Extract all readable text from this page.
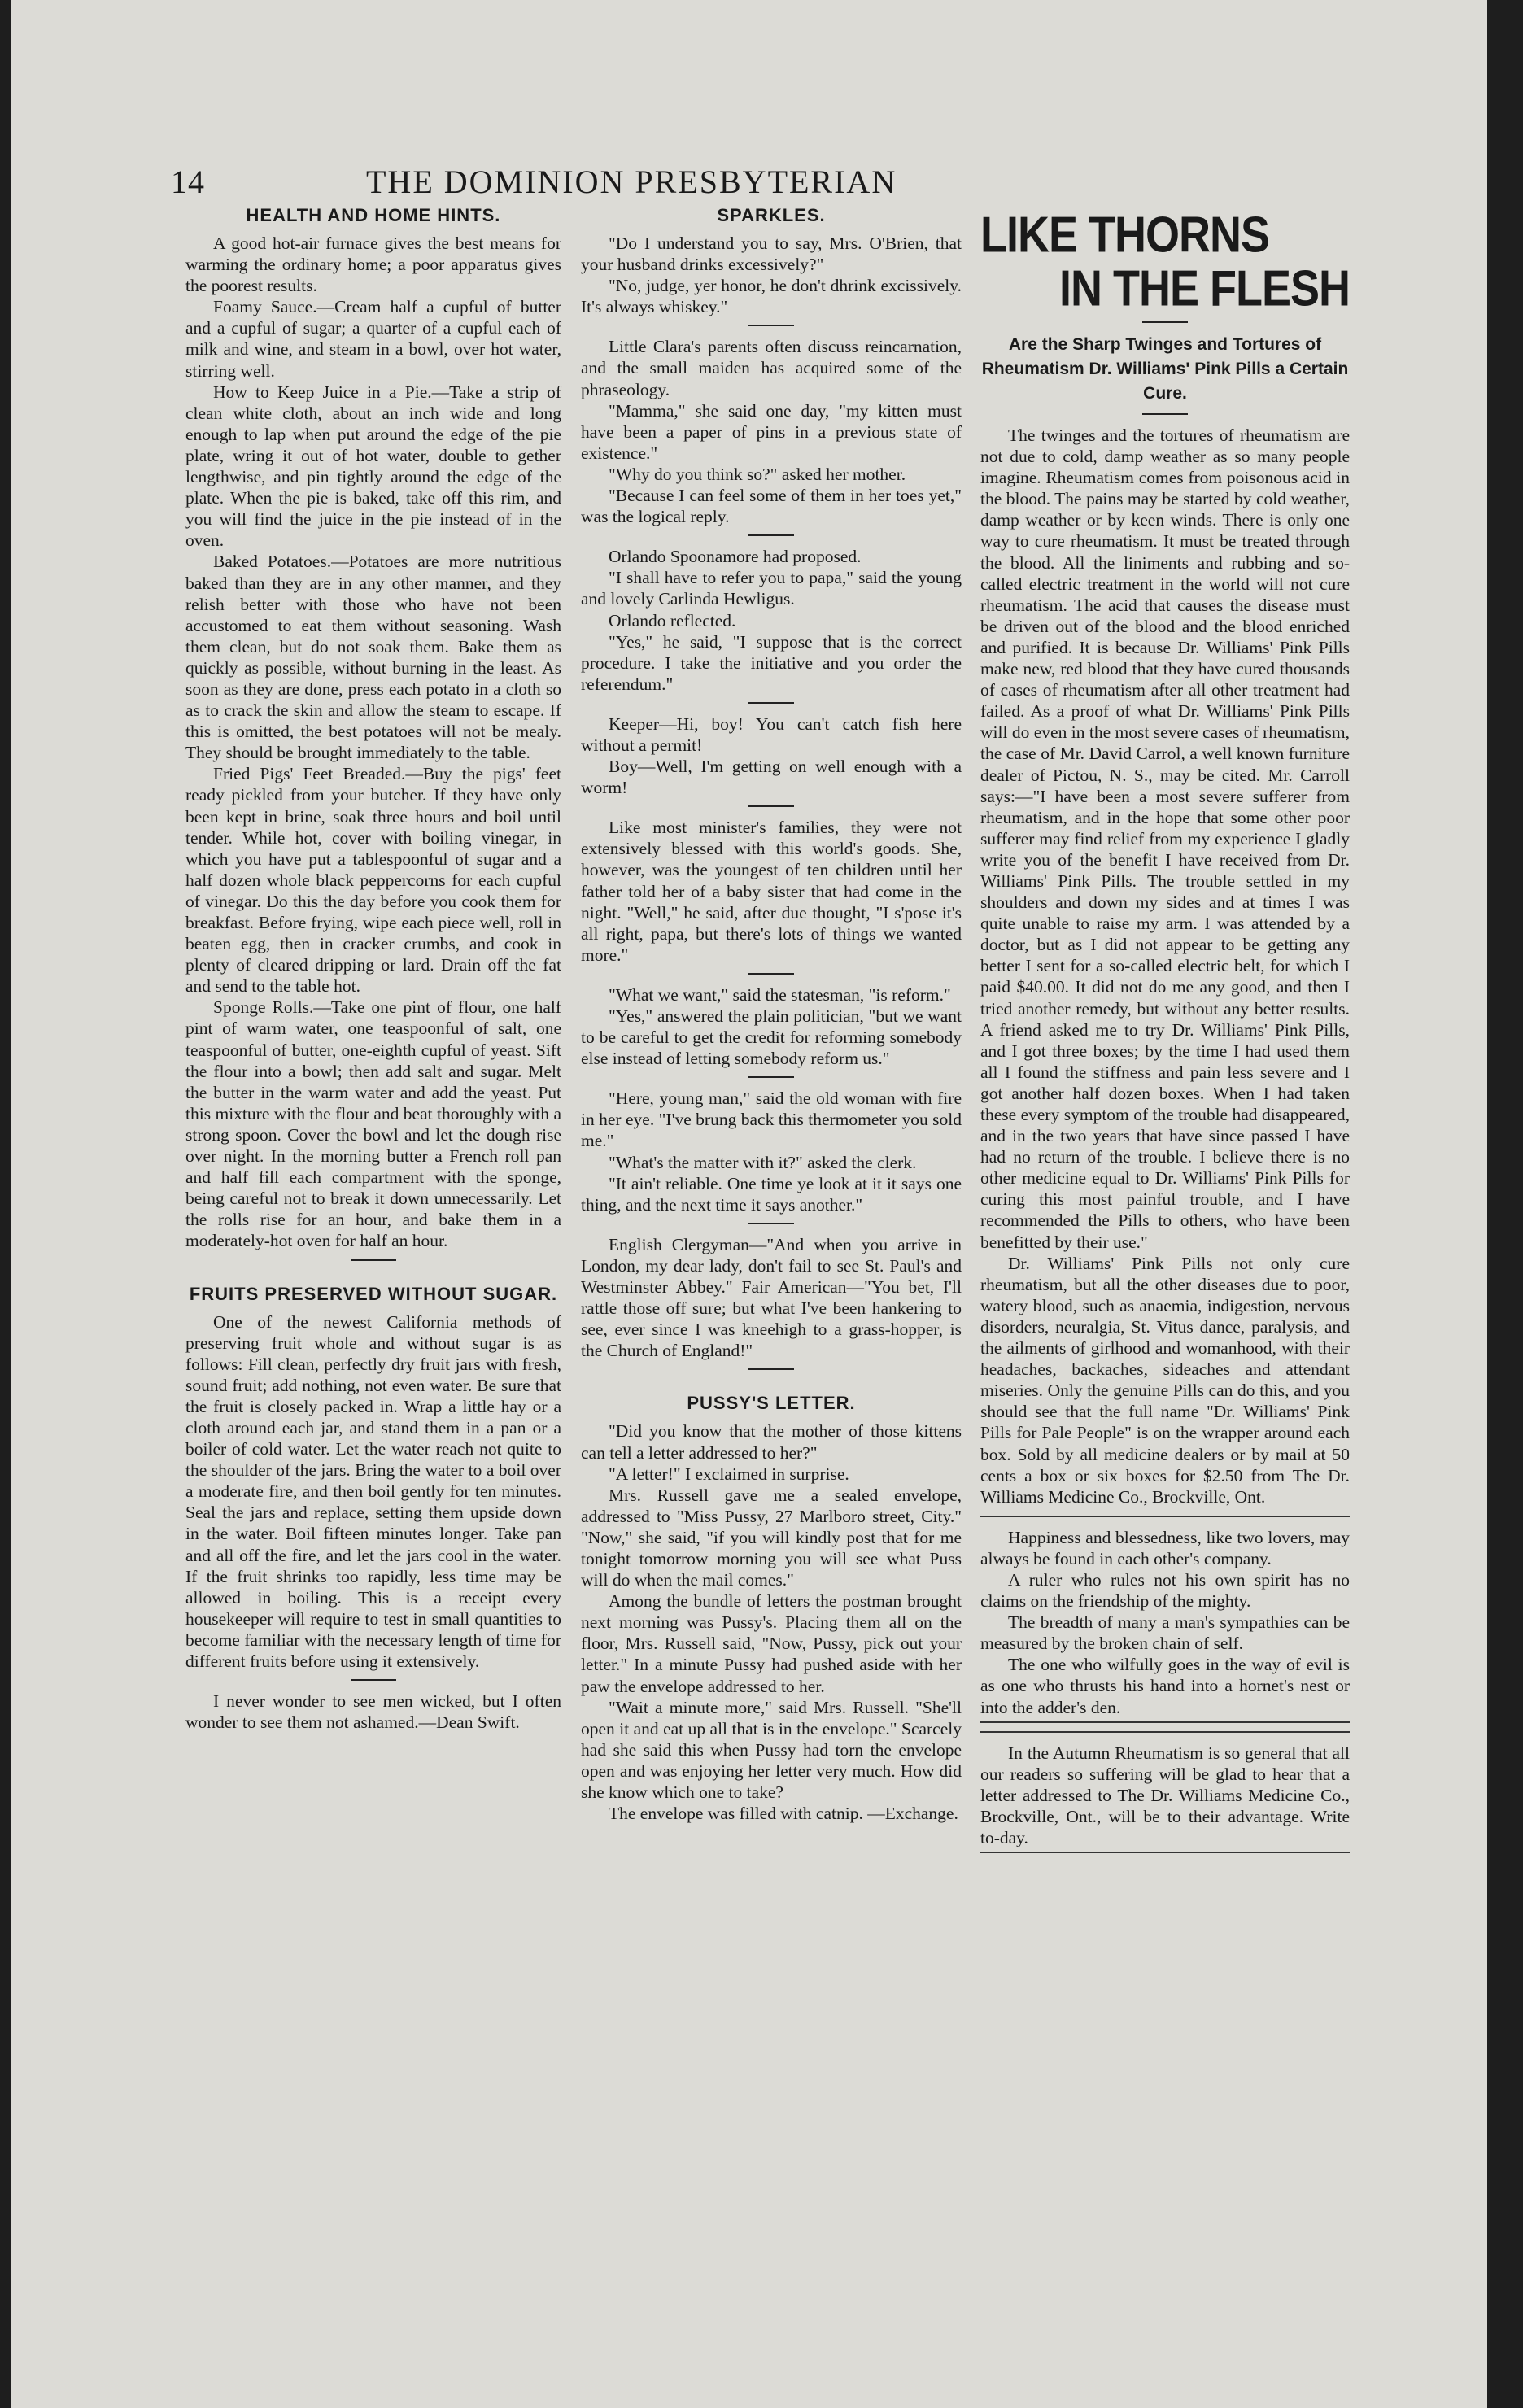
14	THE DOMINION PRESBYTERIAN
HEALTH AND HOME HINTS.

A good hot-air furnace gives the best means for warming the ordinary home; a poor apparatus gives the poorest results.

Foamy Sauce.—Cream half a cupful of butter and a cupful of sugar; a quarter of a cupful each of milk and wine, and steam in a bowl, over hot water, stirring well.

How to Keep Juice in a Pie.—Take a strip of clean white cloth, about an inch wide and long enough to lap when put around the edge of the pie plate, wring it out of hot water, double to gether lengthwise, and pin tightly around the edge of the plate. When the pie is baked, take off this rim, and you will find the juice in the pie instead of in the oven.

Baked Potatoes.—Potatoes are more nutritious baked than they are in any other manner, and they relish better with those who have not been accustomed to eat them without seasoning. Wash them clean, but do not soak them. Bake them as quickly as possible, without burning in the least. As soon as they are done, press each potato in a cloth so as to crack the skin and allow the steam to escape. If this is omitted, the best potatoes will not be mealy. They should be brought immediately to the table.

Fried Pigs' Feet Breaded.—Buy the pigs' feet ready pickled from your butcher. If they have only been kept in brine, soak three hours and boil until tender. While hot, cover with boiling vinegar, in which you have put a tablespoonful of sugar and a half dozen whole black peppercorns for each cupful of vinegar. Do this the day before you cook them for breakfast. Before frying, wipe each piece well, roll in beaten egg, then in cracker crumbs, and cook in plenty of cleared dripping or lard. Drain off the fat and send to the table hot.

Sponge Rolls.—Take one pint of flour, one half pint of warm water, one teaspoonful of salt, one teaspoonful of butter, one-eighth cupful of yeast. Sift the flour into a bowl; then add salt and sugar. Melt the butter in the warm water and add the yeast. Put this mixture with the flour and beat thoroughly with a strong spoon. Cover the bowl and let the dough rise over night. In the morning butter a French roll pan and half fill each compartment with the sponge, being careful not to break it down unnecessarily. Let the rolls rise for an hour, and bake them in a moderately-hot oven for half an hour.

FRUITS PRESERVED WITHOUT SUGAR.

One of the newest California methods of preserving fruit whole and without sugar is as follows: Fill clean, perfectly dry fruit jars with fresh, sound fruit; add nothing, not even water. Be sure that the fruit is closely packed in. Wrap a little hay or a cloth around each jar, and stand them in a pan or a boiler of cold water. Let the water reach not quite to the shoulder of the jars. Bring the water to a boil over a moderate fire, and then boil gently for ten minutes. Seal the jars and replace, setting them upside down in the water. Boil fifteen minutes longer. Take pan and all off the fire, and let the jars cool in the water. If the fruit shrinks too rapidly, less time may be allowed in boiling. This is a receipt every housekeeper will require to test in small quantities to become familiar with the necessary length of time for different fruits before using it extensively.

I never wonder to see men wicked, but I often wonder to see them not ashamed.—Dean Swift.

SPARKLES.

"Do I understand you to say, Mrs. O'Brien, that your husband drinks excessively?"

"No, judge, yer honor, he don't dhrink excissively. It's always whiskey."

Little Clara's parents often discuss reincarnation, and the small maiden has acquired some of the phraseology.

"Mamma," she said one day, "my kitten must have been a paper of pins in a previous state of existence."

"Why do you think so?" asked her mother.

"Because I can feel some of them in her toes yet," was the logical reply.

Orlando Spoonamore had proposed.

"I shall have to refer you to papa," said the young and lovely Carlinda Hewligus.

Orlando reflected.

"Yes," he said, "I suppose that is the correct procedure. I take the initiative and you order the referendum."

Keeper—Hi, boy! You can't catch fish here without a permit!

Boy—Well, I'm getting on well enough with a worm!

Like most minister's families, they were not extensively blessed with this world's goods. She, however, was the youngest of ten children until her father told her of a baby sister that had come in the night. "Well," he said, after due thought, "I s'pose it's all right, papa, but there's lots of things we wanted more."

"What we want," said the statesman, "is reform."

"Yes," answered the plain politician, "but we want to be careful to get the credit for reforming somebody else instead of letting somebody reform us."

"Here, young man," said the old woman with fire in her eye. "I've brung back this thermometer you sold me."

"What's the matter with it?" asked the clerk.

"It ain't reliable. One time ye look at it it says one thing, and the next time it says another."

English Clergyman—"And when you arrive in London, my dear lady, don't fail to see St. Paul's and Westminster Abbey." Fair American—"You bet, I'll rattle those off sure; but what I've been hankering to see, ever since I was kneehigh to a grass-hopper, is the Church of England!"

PUSSY'S LETTER.

"Did you know that the mother of those kittens can tell a letter addressed to her?"

"A letter!" I exclaimed in surprise.

Mrs. Russell gave me a sealed envelope, addressed to "Miss Pussy, 27 Marlboro street, City." "Now," she said, "if you will kindly post that for me tonight tomorrow morning you will see what Puss will do when the mail comes."

Among the bundle of letters the postman brought next morning was Pussy's. Placing them all on the floor, Mrs. Russell said, "Now, Pussy, pick out your letter." In a minute Pussy had pushed aside with her paw the envelope addressed to her.

"Wait a minute more," said Mrs. Russell. "She'll open it and eat up all that is in the envelope." Scarcely had she said this when Pussy had torn the envelope open and was enjoying her letter very much. How did she know which one to take?

The envelope was filled with catnip. —Exchange.

LIKE THORNS
IN THE FLESH
Are the Sharp Twinges and Tortures of Rheumatism Dr. Williams' Pink Pills a Certain Cure.

The twinges and the tortures of rheumatism are not due to cold, damp weather as so many people imagine. Rheumatism comes from poisonous acid in the blood. The pains may be started by cold weather, damp weather or by keen winds. There is only one way to cure rheumatism. It must be treated through the blood. All the liniments and rubbing and so-called electric treatment in the world will not cure rheumatism. The acid that causes the disease must be driven out of the blood and the blood enriched and purified. It is because Dr. Williams' Pink Pills make new, red blood that they have cured thousands of cases of rheumatism after all other treatment had failed. As a proof of what Dr. Williams' Pink Pills will do even in the most severe cases of rheumatism, the case of Mr. David Carrol, a well known furniture dealer of Pictou, N. S., may be cited. Mr. Carroll says:—"I have been a most severe sufferer from rheumatism, and in the hope that some other poor sufferer may find relief from my experience I gladly write you of the benefit I have received from Dr. Williams' Pink Pills. The trouble settled in my shoulders and down my sides and at times I was quite unable to raise my arm. I was attended by a doctor, but as I did not appear to be getting any better I sent for a so-called electric belt, for which I paid $40.00. It did not do me any good, and then I tried another remedy, but without any better results. A friend asked me to try Dr. Williams' Pink Pills, and I got three boxes; by the time I had used them all I found the stiffness and pain less severe and I got another half dozen boxes. When I had taken these every symptom of the trouble had disappeared, and in the two years that have since passed I have had no return of the trouble. I believe there is no other medicine equal to Dr. Williams' Pink Pills for curing this most painful trouble, and I have recommended the Pills to others, who have been benefitted by their use."

Dr. Williams' Pink Pills not only cure rheumatism, but all the other diseases due to poor, watery blood, such as anaemia, indigestion, nervous disorders, neuralgia, St. Vitus dance, paralysis, and the ailments of girlhood and womanhood, with their headaches, backaches, sideaches and attendant miseries. Only the genuine Pills can do this, and you should see that the full name "Dr. Williams' Pink Pills for Pale People" is on the wrapper around each box. Sold by all medicine dealers or by mail at 50 cents a box or six boxes for $2.50 from The Dr. Williams Medicine Co., Brockville, Ont.

Happiness and blessedness, like two lovers, may always be found in each other's company.

A ruler who rules not his own spirit has no claims on the friendship of the mighty.

The breadth of many a man's sympathies can be measured by the broken chain of self.

The one who wilfully goes in the way of evil is as one who thrusts his hand into a hornet's nest or into the adder's den.

In the Autumn Rheumatism is so general that all our readers so suffering will be glad to hear that a letter addressed to The Dr. Williams Medicine Co., Brockville, Ont., will be to their advantage. Write to-day.
